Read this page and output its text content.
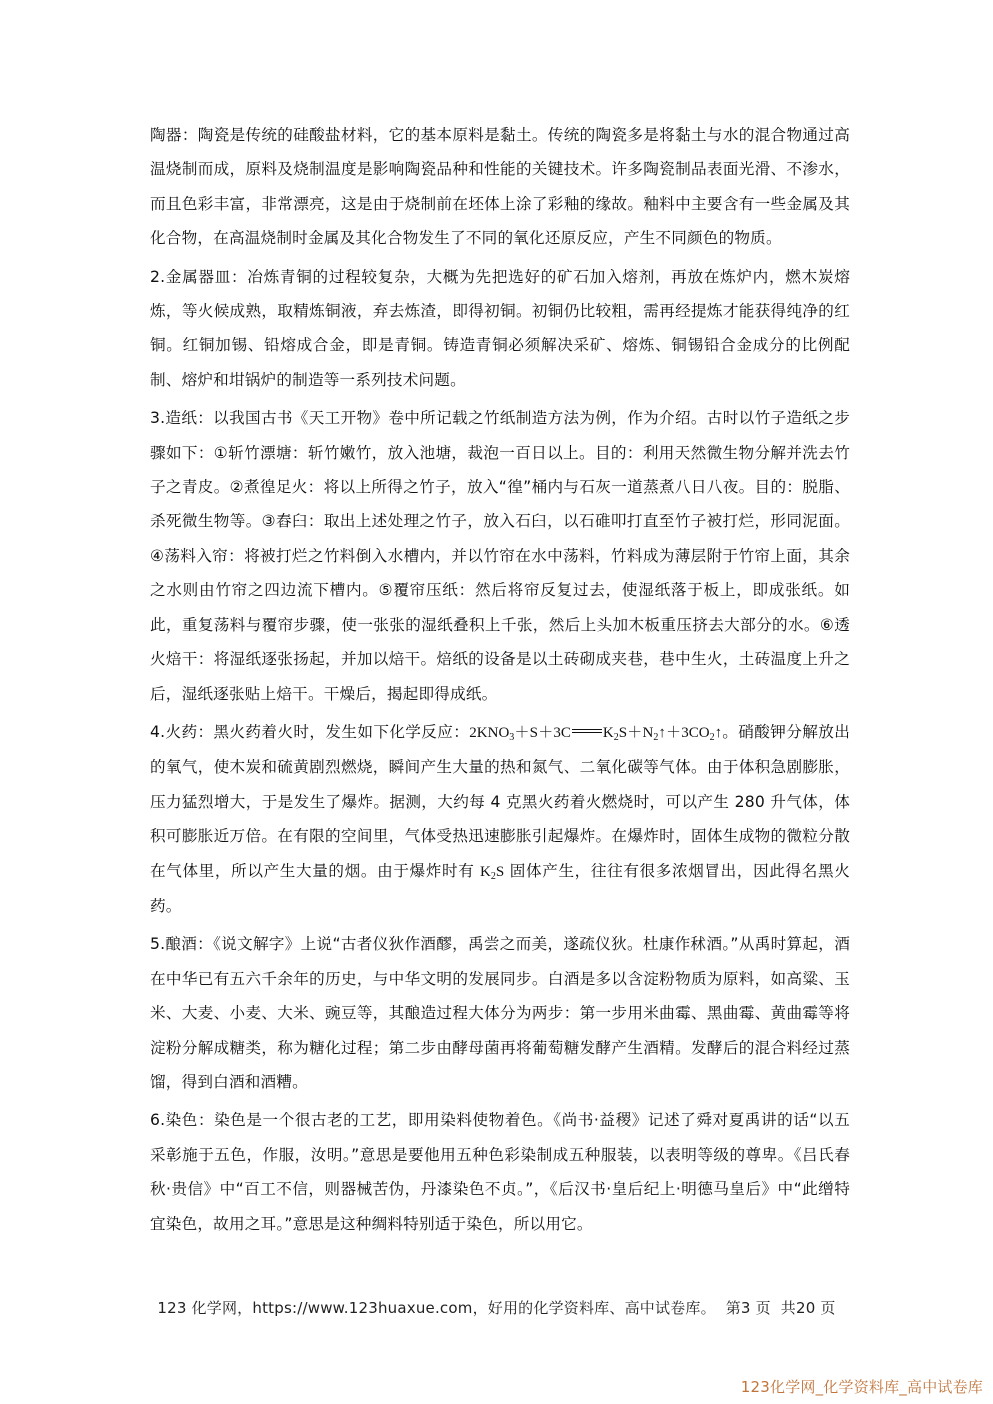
陶器：陶瓷是传统的硅酸盐材料，它的基本原料是黏土。传统的陶瓷多是将黏土与水的混合物通过高温烧制而成，原料及烧制温度是影响陶瓷品种和性能的关键技术。许多陶瓷制品表面光滑、不渗水，而且色彩丰富，非常漂亮，这是由于烧制前在坯体上涂了彩釉的缘故。釉料中主要含有一些金属及其化合物，在高温烧制时金属及其化合物发生了不同的氧化还原反应，产生不同颜色的物质。

2.金属器皿：冶炼青铜的过程较复杂，大概为先把选好的矿石加入熔剂，再放在炼炉内，燃木炭熔炼，等火候成熟，取精炼铜液，弃去炼渣，即得初铜。初铜仍比较粗，需再经提炼才能获得纯净的红铜。红铜加锡、铅熔成合金，即是青铜。铸造青铜必须解决采矿、熔炼、铜锡铅合金成分的比例配制、熔炉和坩锅炉的制造等一系列技术问题。

3.造纸：以我国古书《天工开物》卷中所记载之竹纸制造方法为例，作为介绍。古时以竹子造纸之步骤如下：①斩竹漂塘：斩竹嫩竹，放入池塘，裁泡一百日以上。目的：利用天然微生物分解并洗去竹子之青皮。②煮徨足火：将以上所得之竹子，放入“徨”桶内与石灰一道蒸煮八日八夜。目的：脱脂、杀死微生物等。③舂臼：取出上述处理之竹子，放入石臼，以石碓叩打直至竹子被打烂，形同泥面。④荡料入帘：将被打烂之竹料倒入水槽内，并以竹帘在水中荡料，竹料成为薄层附于竹帘上面，其余之水则由竹帘之四边流下槽内。⑤覆帘压纸：然后将帘反复过去，使湿纸落于板上，即成张纸。如此，重复荡料与覆帘步骤，使一张张的湿纸叠积上千张，然后上头加木板重压挤去大部分的水。⑥透火焙干：将湿纸逐张扬起，并加以焙干。焙纸的设备是以土砖砌成夹巷，巷中生火，土砖温度上升之后，湿纸逐张贴上焙干。干燥后，揭起即得成纸。

4.火药：黑火药着火时，发生如下化学反应：$2KNO_3+S+3C$ $K_2S+N_2↑+3CO_2↑$。硝酸钾分解放出的氧气，使木炭和硫黄剧烈燃烧，瞬间产生大量的热和氮气、二氧化碳等气体。由于体积急剧膨胀，压力猛烈增大，于是发生了爆炸。据测，大约每 4 克黑火药着火燃烧时，可以产生 280 升气体，体积可膨胀近万倍。在有限的空间里，气体受热迅速膨胀引起爆炸。在爆炸时，固体生成物的微粒分散在气体里，所以产生大量的烟。由于爆炸时有 $K_2S$ 固体产生，往往有很多浓烟冒出，因此得名黑火药。

5.酿酒：《说文解字》上说“古者仪狄作酒醪，禹尝之而美，遂疏仪狄。杜康作秫酒。”从禹时算起，酒在中华已有五六千余年的历史，与中华文明的发展同步。白酒是多以含淀粉物质为原料，如高粱、玉米、大麦、小麦、大米、豌豆等，其酿造过程大体分为两步：第一步用米曲霉、黑曲霉、黄曲霉等将淀粉分解成糖类，称为糖化过程；第二步由酵母菌再将葡萄糖发酵产生酒精。发酵后的混合料经过蒸馏，得到白酒和酒糟。

6.染色：染色是一个很古老的工艺，即用染料使物着色。《尚书·益稷》记述了舜对夏禹讲的话“以五采彰施于五色，作服，汝明。”意思是要他用五种色彩染制成五种服装，以表明等级的尊卑。《吕氏春秋·贵信》中“百工不信，则器械苦伪，丹漆染色不贞。”，《后汉书·皇后纪上·明德马皇后》中“此缯特宜染色，故用之耳。”意思是这种绸料特别适于染色，所以用它。

123 化学网，https://www.123huaxue.com，好用的化学资料库、高中试卷库。 第3 页  共20 页
123化学网_化学资料库_高中试卷库
